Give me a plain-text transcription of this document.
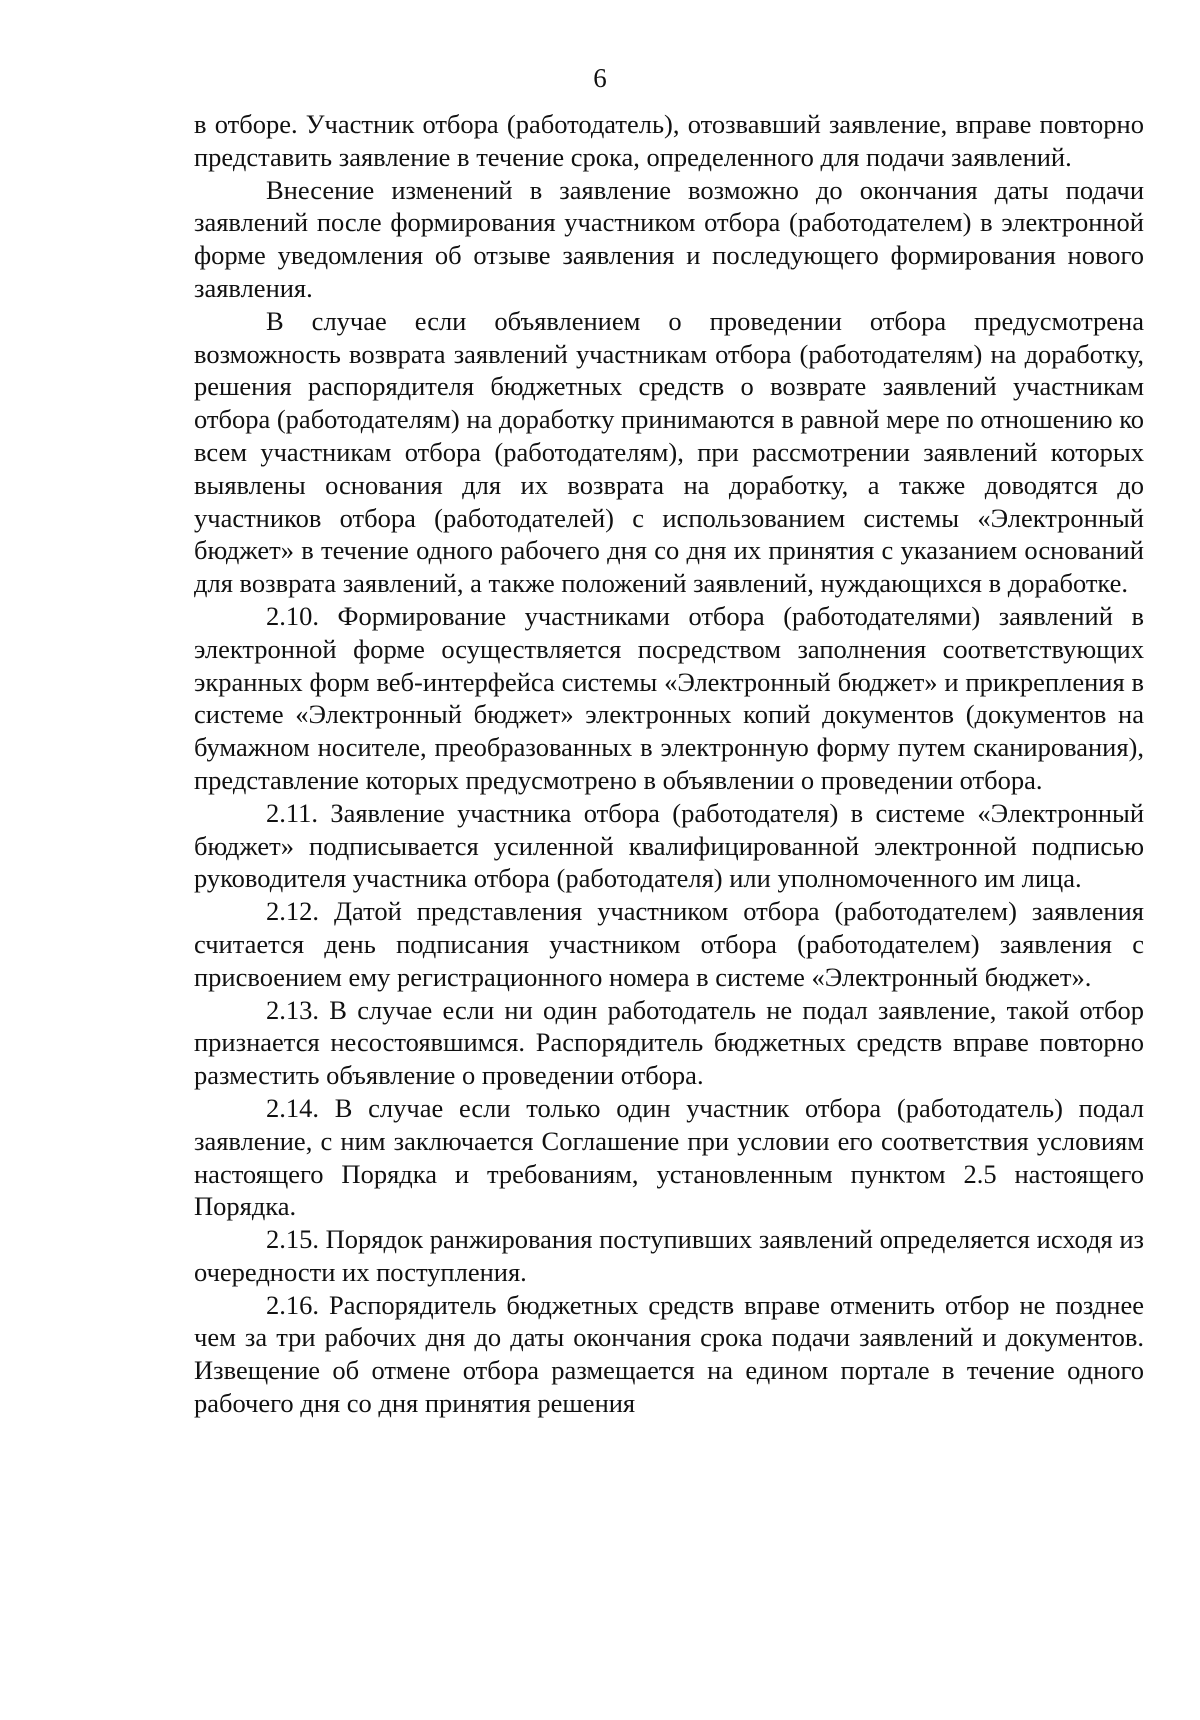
6

в отборе. Участник отбора (работодатель), отозвавший заявление, вправе повторно представить заявление в течение срока, определенного для подачи заявлений.

Внесение изменений в заявление возможно до окончания даты подачи заявлений после формирования участником отбора (работодателем) в электронной форме уведомления об отзыве заявления и последующего формирования нового заявления.

В случае если объявлением о проведении отбора предусмотрена возможность возврата заявлений участникам отбора (работодателям) на доработку, решения распорядителя бюджетных средств о возврате заявлений участникам отбора (работодателям) на доработку принимаются в равной мере по отношению ко всем участникам отбора (работодателям), при рассмотрении заявлений которых выявлены основания для их возврата на доработку, а также доводятся до участников отбора (работодателей) с использованием системы «Электронный бюджет» в течение одного рабочего дня со дня их принятия с указанием оснований для возврата заявлений, а также положений заявлений, нуждающихся в доработке.

2.10. Формирование участниками отбора (работодателями) заявлений в электронной форме осуществляется посредством заполнения соответствующих экранных форм веб-интерфейса системы «Электронный бюджет» и прикрепления в системе «Электронный бюджет» электронных копий документов (документов на бумажном носителе, преобразованных в электронную форму путем сканирования), представление которых предусмотрено в объявлении о проведении отбора.

2.11. Заявление участника отбора (работодателя) в системе «Электронный бюджет» подписывается усиленной квалифицированной электронной подписью руководителя участника отбора (работодателя) или уполномоченного им лица.

2.12. Датой представления участником отбора (работодателем) заявления считается день подписания участником отбора (работодателем) заявления с присвоением ему регистрационного номера в системе «Электронный бюджет».

2.13. В случае если ни один работодатель не подал заявление, такой отбор признается несостоявшимся. Распорядитель бюджетных средств вправе повторно разместить объявление о проведении отбора.

2.14. В случае если только один участник отбора (работодатель) подал заявление, с ним заключается Соглашение при условии его соответствия условиям настоящего Порядка и требованиям, установленным пунктом 2.5 настоящего Порядка.

2.15. Порядок ранжирования поступивших заявлений определяется исходя из очередности их поступления.

2.16. Распорядитель бюджетных средств вправе отменить отбор не позднее чем за три рабочих дня до даты окончания срока подачи заявлений и документов. Извещение об отмене отбора размещается на едином портале в течение одного рабочего дня со дня принятия решения
